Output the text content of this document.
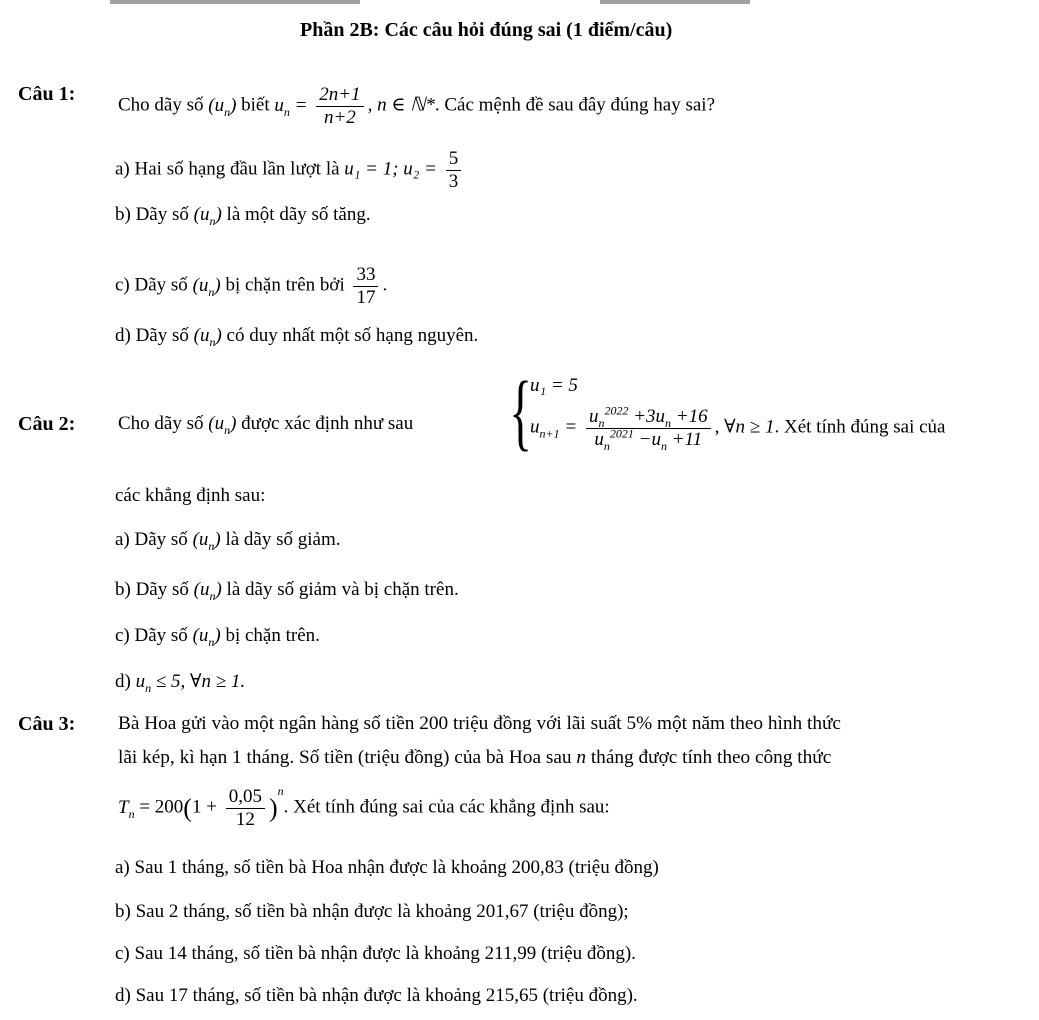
Phần 2B: Các câu hỏi đúng sai (1 điểm/câu)
Câu 1:
Cho dãy số $(u_n)$ biết $u_n = \frac{2n+1}{n+2}$ , n ∈ ℕ*. Các mệnh đề sau đây đúng hay sai?
a) Hai số hạng đầu lần lượt là u₁ = 1; $u_2 = \frac{5}{3}$
b) Dãy số $(u_n)$ là một dãy số tăng.
c) Dãy số $(u_n)$ bị chặn trên bởi $\frac{33}{17}$ .
d) Dãy số $(u_n)$ có duy nhất một số hạng nguyên.
Câu 2: Cho dãy số $(u_n)$ được xác định như sau {
u₁ = 5
$u_{n+1} = \frac{u_n^{2022} +3u_n +16}{u_n^{2021} -u_n +11}$ , ∀n ≥ 1. Xét tính đúng sai của
các khẳng định sau:
a) Dãy số $(u_n)$ là dãy số giảm.
b) Dãy số $(u_n)$ là dãy số giảm và bị chặn trên.
c) Dãy số $(u_n)$ bị chặn trên.
d) $u_n \le 5$, ∀n ≥ 1.
Câu 3: Bà Hoa gửi vào một ngân hàng số tiền 200 triệu đồng với lãi suất 5% một năm theo hình thức
lãi kép, kì hạn 1 tháng. Số tiền (triệu đồng) của bà Hoa sau n tháng được tính theo công thức
$T_n = 200(1 + \frac{0,05}{12} )^n$. Xét tính đúng sai của các khẳng định sau:
a) Sau 1 tháng, số tiền bà Hoa nhận được là khoảng 200,83 (triệu đồng)
b) Sau 2 tháng, số tiền bà nhận được là khoảng 201,67 (triệu đồng);
c) Sau 14 tháng, số tiền bà nhận được là khoảng 211,99 (triệu đồng).
d) Sau 17 tháng, số tiền bà nhận được là khoảng 215,65 (triệu đồng).
